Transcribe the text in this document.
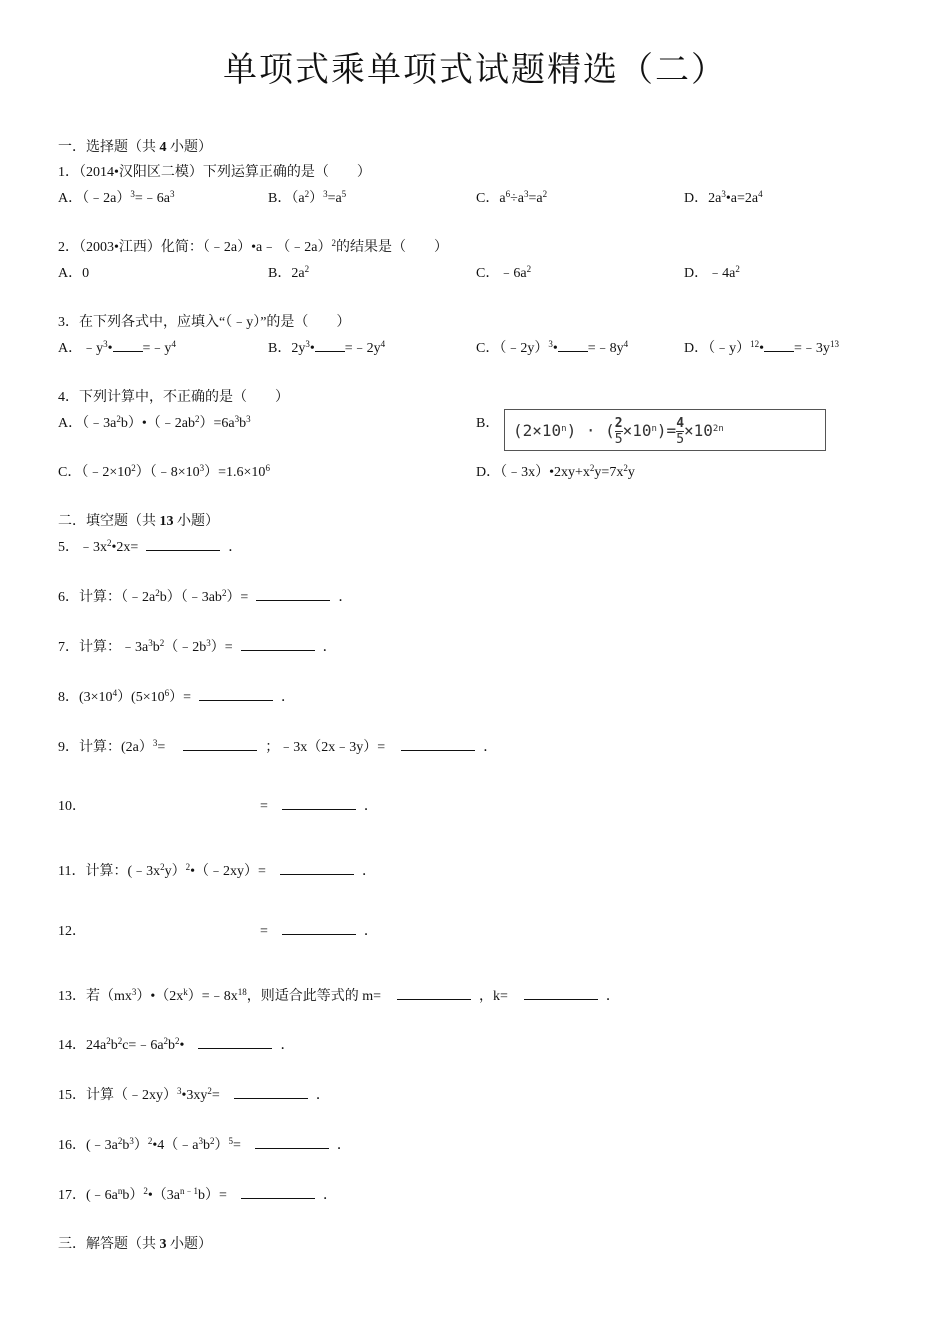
单项式乘单项式试题精选（二）
一．选择题（共 4 小题）
1．（2014•汉阳区二模）下列运算正确的是（　　）
A．$(﹣2a)^3=﹣6a^3$	B．$(a^2)^3=a^5$	C．$a^6\div a^3=a^2$	D．$2a^3•a=2a^4$
2．（2003•江西）化简：（﹣2a）•a﹣（﹣2a）$^2$的结果是（　　）
A．0	B．$2a^2$	C．$﹣6a^2$	D．$﹣4a^2$
3．在下列各式中，应填入“（﹣y）”的是（　　）
A．$﹣y^3•$ $=﹣y^4$	B．$2y^3•$ $=﹣2y^4$	C．（﹣2y）$^3$• $=﹣8y^4$	D．（﹣y）$^{12}$• $=﹣3y^{13}$
4．下列计算中，不正确的是（　　）
A．$(﹣3a^2b)•(﹣2ab^2)=6a^3b^3$	B． $(2\times 10^n)$ · ( $\frac{2}{5}\times 10^n)= \frac{4}{5}\times 10^{2n}$
C．$(﹣2\times 10^2)(﹣8\times 10^3)=1.6\times 10^6$	D．$(﹣3x)•2xy+x^2y=7x^2y$
二．填空题（共 13 小题）
5．$﹣3x^2•2x=$	．
6．计算：$(﹣2a^2b)(﹣3ab^2)=$	．
7．计算：$﹣3a^3b^2(﹣2b^3)=$	．
8．$(3\times 10^4)(5\times 10^6)=$	．
9．计算：(2a）$^3$=	；﹣3x（2x﹣3y）=	．
10．	=	．
11．计算：$(﹣3x^2y)^2•(﹣2xy)=$	．
12．	=	．
13．若$(mx^3)•(2x^k)=﹣8x^{18}$，则适合此等式的 m=	，k=	．
14．$24a^2b^2c=﹣6a^2b^2•$	．
15．计算$(﹣2xy)^3•3xy^2=$	．
16．$(﹣3a^2b^3)^2•4(﹣a^3b^2)^5=$	．
17．$(﹣6a^nb)^2•(3a^{n﹣1}b)=$	．
三．解答题（共 3 小题）
